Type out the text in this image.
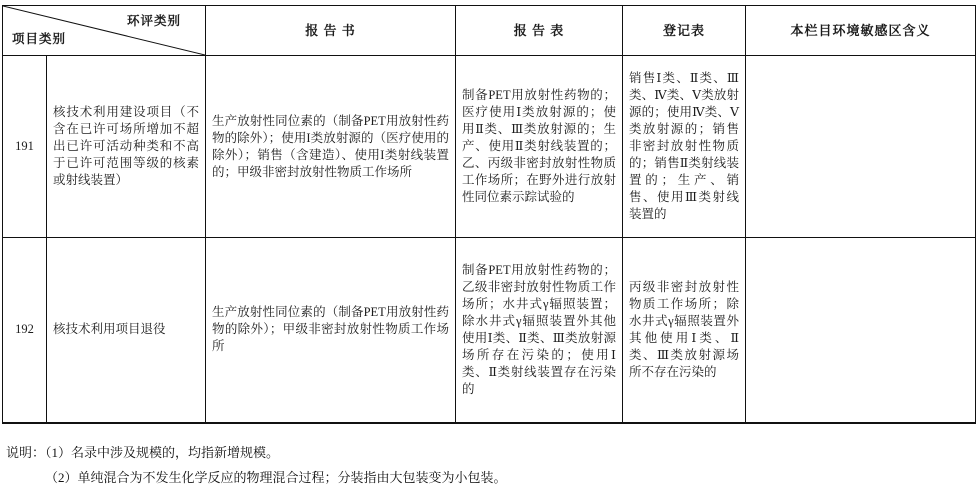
环评类别
项目类别		报 告 书	报 告 表	登记表	本栏目环境敏感区含义
191	核技术利用建设项目（不含在已许可场所增加不超出已许可活动种类和不高于已许可范围等级的核素或射线装置）	生产放射性同位素的（制备PET用放射性药物的除外）；使用I类放射源的（医疗使用的除外）；销售（含建造）、使用I类射线装置的；甲级非密封放射性物质工作场所	制备PET用放射性药物的；医疗使用Ⅰ类放射源的；使用Ⅱ类、Ⅲ类放射源的；生产、使用Ⅱ类射线装置的；乙、丙级非密封放射性物质工作场所；在野外进行放射性同位素示踪试验的	销售Ⅰ类、Ⅱ类、Ⅲ类、Ⅳ类、Ⅴ类放射源的；使用Ⅳ类、Ⅴ类放射源的；销售非密封放射性物质的；销售Ⅱ类射线装置的；生产、销售、使用Ⅲ类射线装置的	
192	核技术利用项目退役	生产放射性同位素的（制备PET用放射性药物的除外）；甲级非密封放射性物质工作场所	制备PET用放射性药物的；乙级非密封放射性物质工作场所；水井式γ辐照装置；除水井式γ辐照装置外其他使用Ⅰ类、Ⅱ类、Ⅲ类放射源场所存在污染的；使用Ⅰ类、Ⅱ类射线装置存在污染的	丙级非密封放射性物质工作场所；除水井式γ辐照装置外其他使用Ⅰ类、Ⅱ类、Ⅲ类放射源场所不存在污染的	
说明：（1）名录中涉及规模的，均指新增规模。
（2）单纯混合为不发生化学反应的物理混合过程；分装指由大包装变为小包装。
